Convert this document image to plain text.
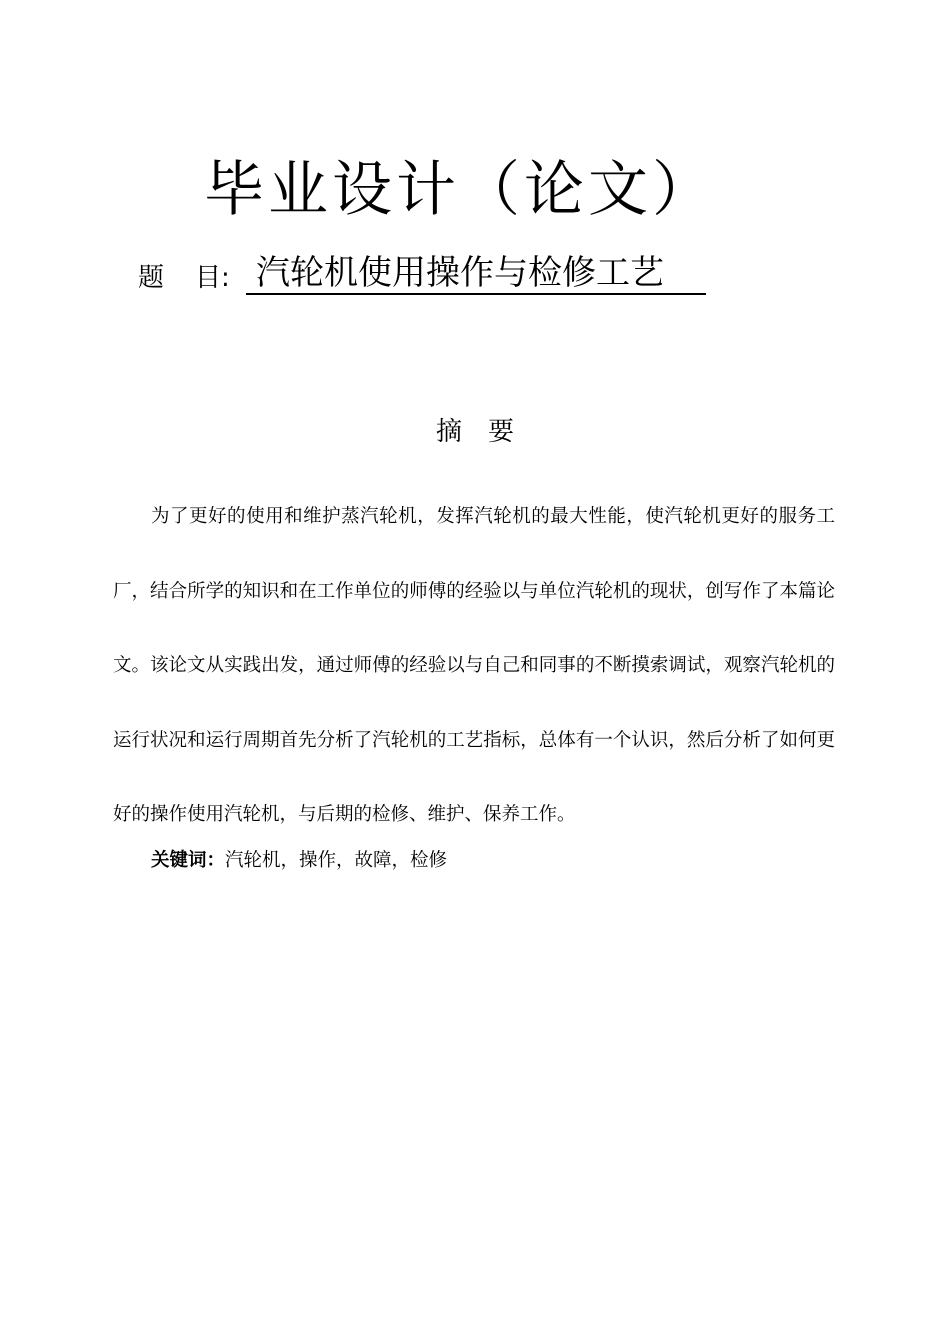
毕业设计（论文）
题 目: 汽轮机使用操作与检修工艺
摘要

为了更好的使用和维护蒸汽轮机，发挥汽轮机的最大性能，使汽轮机更好的服务工厂，结合所学的知识和在工作单位的师傅的经验以与单位汽轮机的现状，创写作了本篇论文。该论文从实践出发，通过师傅的经验以与自己和同事的不断摸索调试，观察汽轮机的运行状况和运行周期首先分析了汽轮机的工艺指标，总体有一个认识，然后分析了如何更好的操作使用汽轮机，与后期的检修、维护、保养工作。

关键词：汽轮机，操作，故障，检修
